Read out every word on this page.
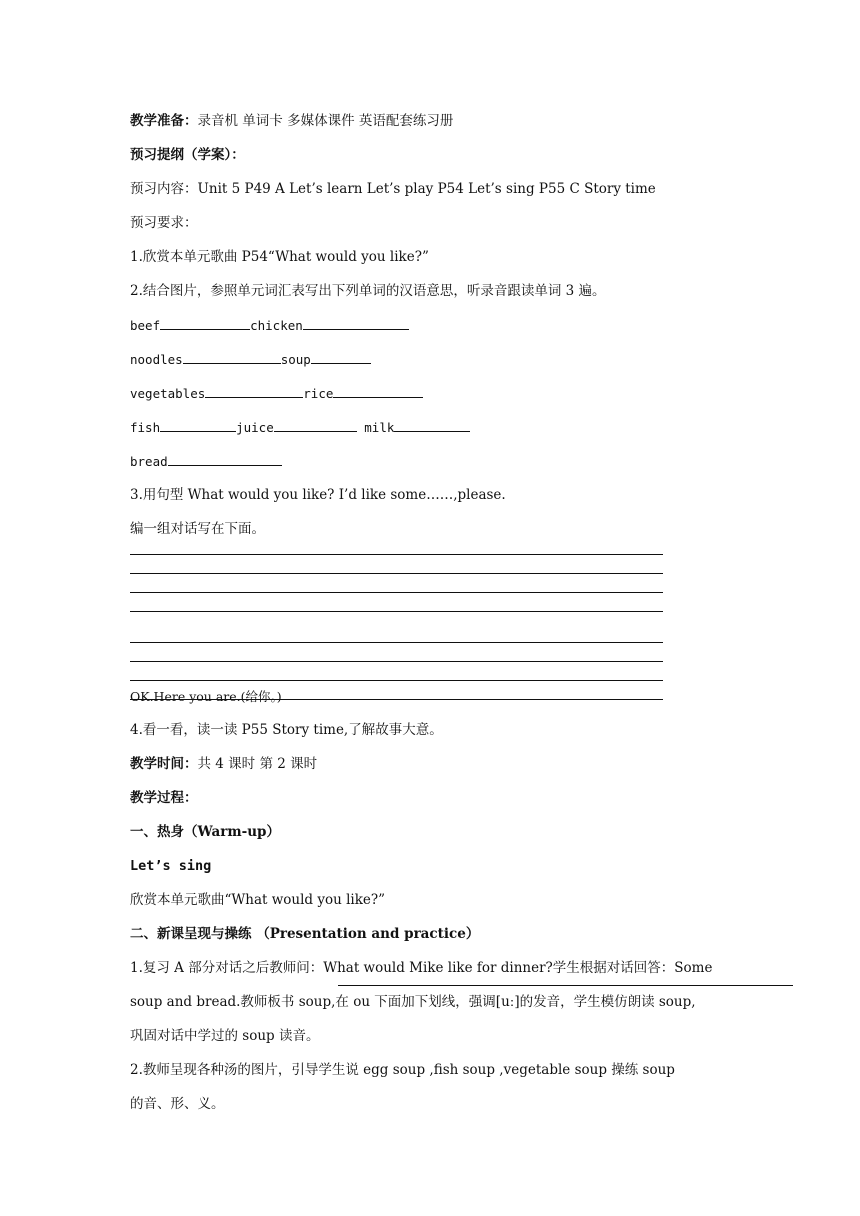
教学准备：录音机 单词卡 多媒体课件 英语配套练习册
预习提纲（学案）：
预习内容：Unit 5 P49 A Let’s learn Let’s play P54 Let’s sing P55 C Story time
预习要求：
1.欣赏本单元歌曲 P54“What would you like?”
2.结合图片，参照单元词汇表写出下列单词的汉语意思，听录音跟读单词 3 遍。
beef	chicken
noodles	soup
vegetables	rice
fish	juice	milk
bread
3.用句型 What would you like? I’d like some……,please.
编一组对话写在下面。
OK.Here you are.(给你。)
4.看一看，读一读 P55 Story time,了解故事大意。
教学时间：共 4 课时 第 2 课时
教学过程：
一、热身（Warm-up）
Let’s sing
欣赏本单元歌曲“What would you like?”
二、新课呈现与操练 （Presentation and practice）
1.复习 A 部分对话之后教师问：What would Mike like for dinner?学生根据对话回答：Some
soup and bread.教师板书 soup,在 ou 下面加下划线，强调[uː]的发音，学生模仿朗读 soup,
巩固对话中学过的 soup 读音。
2.教师呈现各种汤的图片，引导学生说 egg soup ,fish soup ,vegetable soup 操练 soup
的音、形、义。
